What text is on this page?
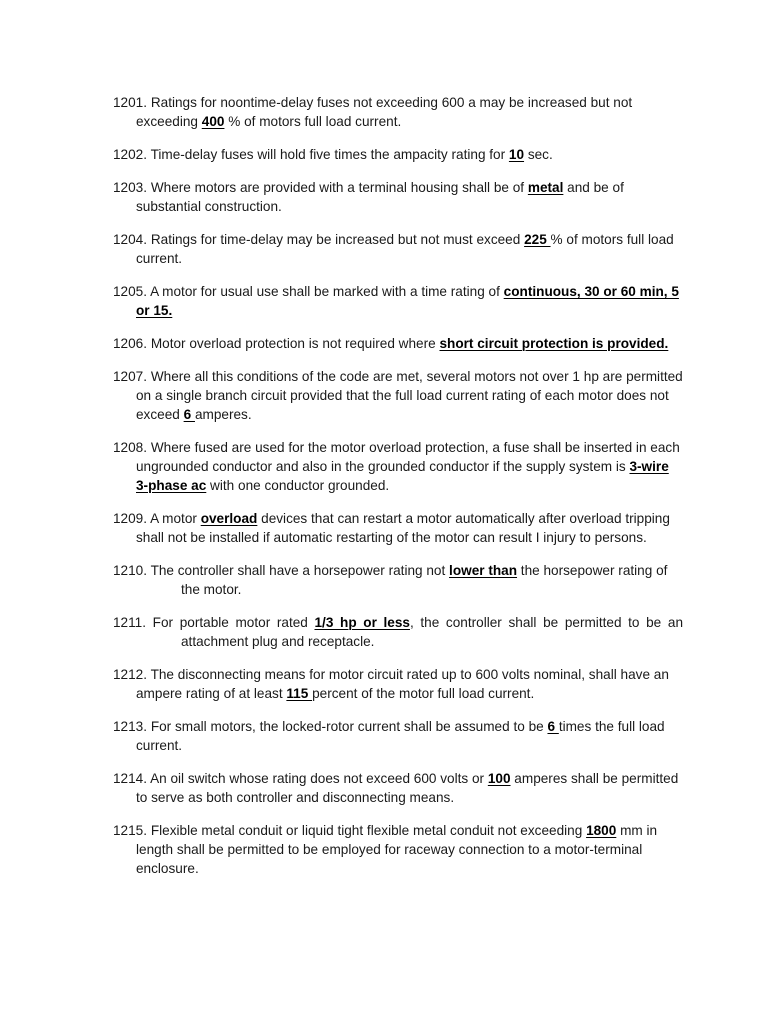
1201. Ratings for noontime-delay fuses not exceeding 600 a may be increased but not exceeding 400 % of motors full load current.

1202. Time-delay fuses will hold five times the ampacity rating for 10 sec.

1203. Where motors are provided with a terminal housing shall be of metal and be of substantial construction.

1204. Ratings for time-delay may be increased but not must exceed 225 % of motors full load current.

1205. A motor for usual use shall be marked with a time rating of continuous, 30 or 60 min, 5 or 15.

1206. Motor overload protection is not required where short circuit protection is provided.

1207. Where all this conditions of the code are met, several motors not over 1 hp are permitted on a single branch circuit provided that the full load current rating of each motor does not exceed 6 amperes.

1208. Where fused are used for the motor overload protection, a fuse shall be inserted in each ungrounded conductor and also in the grounded conductor if the supply system is 3-wire 3-phase ac with one conductor grounded.

1209. A motor overload devices that can restart a motor automatically after overload tripping shall not be installed if automatic restarting of the motor can result I injury to persons.

1210. The controller shall have a horsepower rating not lower than the horsepower rating of the motor.

1211. For portable motor rated 1/3 hp or less, the controller shall be permitted to be an attachment plug and receptacle.

1212. The disconnecting means for motor circuit rated up to 600 volts nominal, shall have an ampere rating of at least 115 percent of the motor full load current.

1213. For small motors, the locked-rotor current shall be assumed to be 6 times the full load current.

1214. An oil switch whose rating does not exceed 600 volts or 100 amperes shall be permitted to serve as both controller and disconnecting means.

1215. Flexible metal conduit or liquid tight flexible metal conduit not exceeding 1800 mm in length shall be permitted to be employed for raceway connection to a motor-terminal enclosure.
